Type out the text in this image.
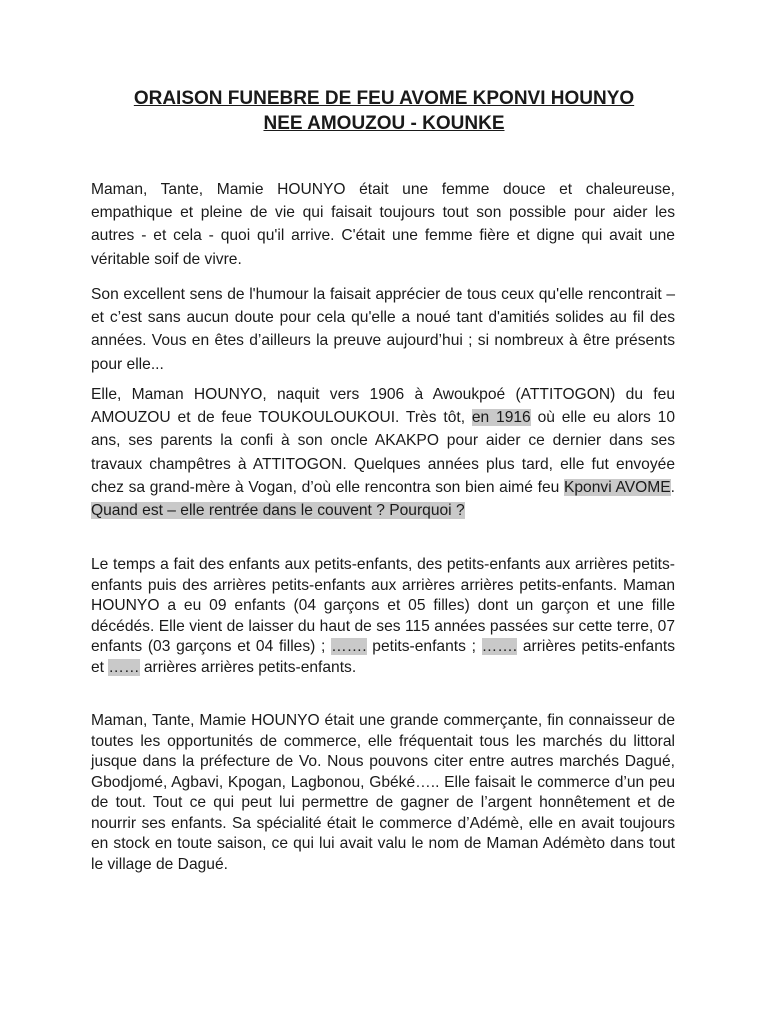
ORAISON FUNEBRE DE FEU AVOME KPONVI HOUNYO

NEE AMOUZOU - KOUNKE

Maman, Tante, Mamie HOUNYO était une femme douce et chaleureuse, empathique et pleine de vie qui faisait toujours tout son possible pour aider les autres - et cela - quoi qu'il arrive. C'était une femme fière et digne qui avait une véritable soif de vivre.

Son excellent sens de l'humour la faisait apprécier de tous ceux qu'elle rencontrait – et c’est sans aucun doute pour cela qu'elle a noué tant d'amitiés solides au fil des années. Vous en êtes d’ailleurs la preuve aujourd’hui ; si nombreux à être présents pour elle...

Elle, Maman HOUNYO, naquit vers 1906 à Awoukpoé (ATTITOGON) du feu AMOUZOU et de feue TOUKOULOUKOUI. Très tôt, en 1916 où elle eu alors 10 ans, ses parents la confi à son oncle AKAKPO pour aider ce dernier dans ses travaux champêtres à ATTITOGON. Quelques années plus tard, elle fut envoyée chez sa grand-mère à Vogan, d’où elle rencontra son bien aimé feu Kponvi AVOME. Quand est – elle rentrée dans le couvent ? Pourquoi ?

Le temps a fait des enfants aux petits-enfants, des petits-enfants aux arrières petits-enfants puis des arrières petits-enfants aux arrières arrières petits-enfants. Maman HOUNYO a eu 09 enfants (04 garçons et 05 filles) dont un garçon et une fille décédés. Elle vient de laisser du haut de ses 115 années passées sur cette terre, 07 enfants (03 garçons et 04 filles) ; ……. petits-enfants ; ……. arrières petits-enfants et …… arrières arrières petits-enfants.

Maman, Tante, Mamie HOUNYO était une grande commerçante, fin connaisseur de toutes les opportunités de commerce, elle fréquentait tous les marchés du littoral jusque dans la préfecture de Vo. Nous pouvons citer entre autres marchés Dagué, Gbodjomé, Agbavi, Kpogan, Lagbonou, Gbéké….. Elle faisait le commerce d’un peu de tout. Tout ce qui peut lui permettre de gagner de l’argent honnêtement et de nourrir ses enfants. Sa spécialité était le commerce d’Adémè, elle en avait toujours en stock en toute saison, ce qui lui avait valu le nom de Maman Adémèto dans tout le village de Dagué.
